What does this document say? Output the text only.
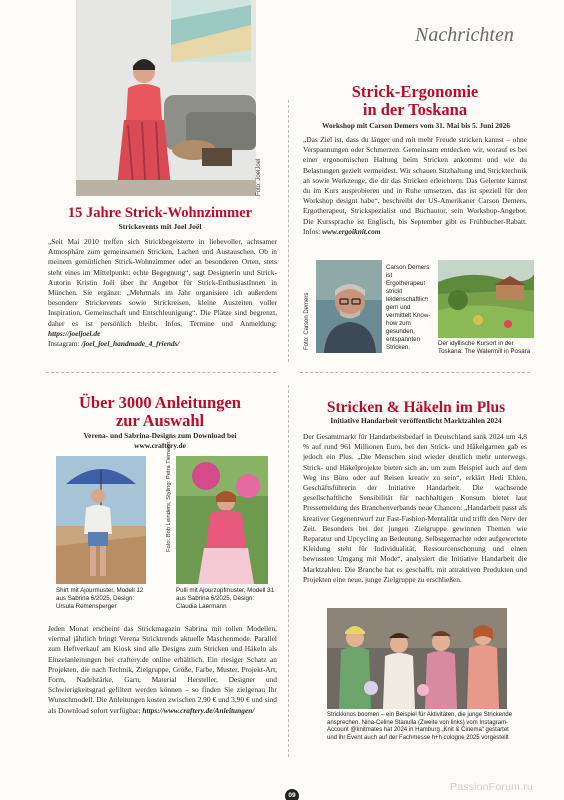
Nachrichten
Foto: JoelJoel
15 Jahre Strick-Wohnzimmer
Strickevents mit Joel Joël
„Seit Mai 2010 treffen sich Strickbegeisterte in liebevoller, achtsamer Atmosphäre zum gemeinsamen Stricken, Lachen und Austauschen. Ob in meinem gemütlichen Strick-Wohnzimmer oder an besonderen Orten, stets steht eines im Mittelpunkt: echte Begegnung“, sagt Designerin und Strick-Autorin Kristin Joël über ihr Angebot für Strick-EnthusiastInnen in München. Sie ergänzt: „Mehrmals im Jahr organisiere ich außerdem besondere Strickevents sowie Strickreisen, kleine Auszeiten voller Inspiration, Gemeinschaft und Entschleunigung“. Die Plätze sind begrenzt, daher es ist persönlich bleibt. Infos, Termine und Anmeldung: https://joeljoel.de
Instagram: /joel_joel_handmade_4_friends/
Strick-Ergonomie
in der Toskana
Workshop mit Carson Demers vom 31. Mai bis 5. Juni 2026
„Das Ziel ist, dass du länger und mit mehr Freude stricken kannst – ohne Verspannungen oder Schmerzen. Gemeinsam entdecken wir, worauf es bei einer ergonomischen Haltung beim Stricken ankommt und wie du Belastungen gezielt vermeidest. Wir schauen Sitzhaltung und Stricktechnik an sowie Werkzeuge, die dir das Stricken erleichtern. Das Gelernte kannst du im Kurs ausprobieren und in Ruhe umsetzen, das ist speziell für den Workshop designt habe“, beschreibt der US-Amerikaner Carson Demers, Ergotherapeut, Strickspezialist und Buchautor, sein Workshop-Angebot. Die Kurssprache ist Englisch, bis September gibt es Frühbucher-Rabatt. Infos: www.ergoiknit.com
Foto: Carson Demers
Carson Demers ist Ergotherapeut strickt leidenschaftlich gern und vermittelt Know-how zum gesunden, entspannten Stricken.
Foto: Mestil Bucola
Der idyllische Kursort in der Toskana: The Watermill in Posara
Über 3000 Anleitungen
zur Auswahl
Verena- und Sabrina-Designs zum Download bei
www.craftery.de
Shirt mit Ajourmuster, Modell 12 aus Sabrina 6/2025, Design: Ursula Remensperger
Foto: Bob Leinders, Styling: Petra Tiemann
Pulli mit Ajourzopfmuster, Modell 31 aus Sabrina 6/2025, Design: Claudia Laermann
Jeden Monat erscheint das Strickmagazin Sabrina mit tollen Modellen, viermal jährlich bringt Verena Stricktrends aktuelle Maschenmode. Parallel zum Heftverkauf am Kiosk sind alle Designs zum Stricken und Häkeln als Einzelanleitungen bei craftery.de online erhältlich. Ein riesiger Schatz an Projekten, die nach Technik, Zielgruppe, Größe, Farbe, Muster, Projekt-Art, Form, Nadelstärke, Garn, Material Hersteller, Designer und Schwierigkeitsgrad gefiltert werden können – so finden Sie zielgenau Ihr Wunschmodell. Die Anleitungen kosten zwischen 2,90 € und 3,90 € und sind als Download sofort verfügbar: https://www.craftery.de/Anleitungen/
Stricken & Häkeln im Plus
Initiative Handarbeit veröffentlicht Marktzahlen 2024
Der Gesamtmarkt für Handarbeitsbedarf in Deutschland sank 2024 um 4,8 % auf rund 961 Millionen Euro, bei den Strick- und Häkelgarnen gab es jedoch ein Plus. „Die Menschen sind wieder deutlich mehr unterwegs. Strick- und Häkelprojekte bieten sich an, um zum Beispiel auch auf dem Weg ins Büro oder auf Reisen kreativ zu sein“, erklärt Hedi Ehlen, Geschäftsführerin der Initiative Handarbeit. Die wachsende gesellschaftliche Sensibilität für nachhaltigen Konsum bietet laut Pressemeldung des Branchenverbands neue Chancen: „Handarbeit passt als kreativer Gegenentwurf zur Fast-Fashion-Mentalität und trifft den Nerv der Zeit. Besonders bei der jungen Zielgruppe gewinnen Themen wie Reparatur und Upcycling an Bedeutung. Selbstgemachte oder aufgewertete Kleidung steht für Individualität, Ressourcenschonung und einen bewussten Umgang mit Mode“, analysiert die Initiative Handarbeit die Marktzahlen. Die Branche hat es geschafft, mit attraktiven Produkten und Projekten eine neue, junge Zielgruppe zu erschließen.
Strickkinos boomen – ein Beispiel für Aktivitäten, die junge Strickende ansprechen. Nina-Celine Stanulla (Zweite von links) vom Instagram-Account @knitmates hat 2024 in Hamburg „Knit & Cinema“ gestartet und ihr Event auch auf der Fachmesse h+h cologne 2025 vorgestellt
09
PassionForum.ru
